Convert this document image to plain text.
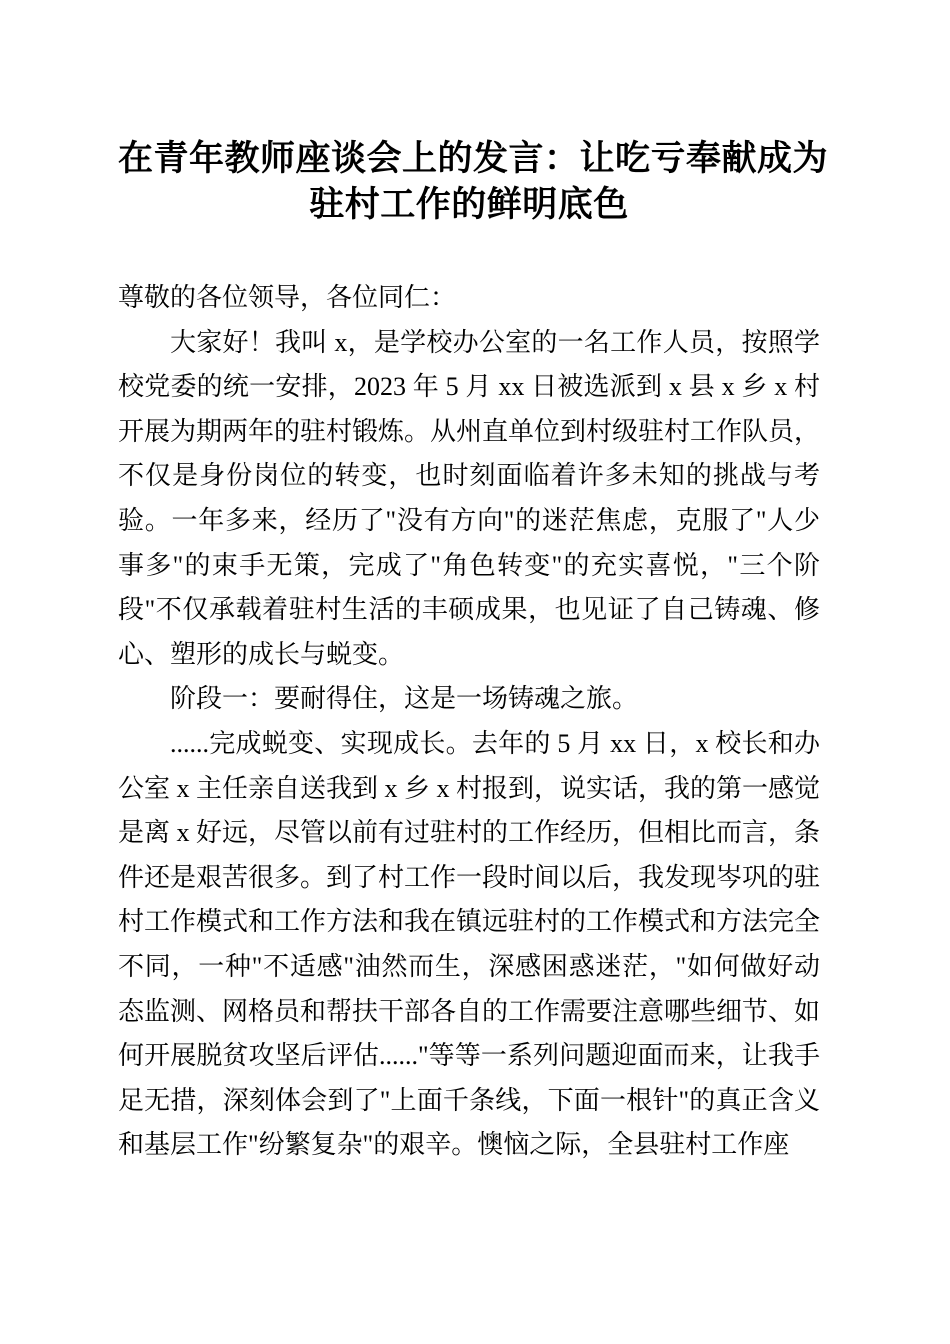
在青年教师座谈会上的发言：让吃亏奉献成为
驻村工作的鲜明底色

尊敬的各位领导，各位同仁：

大家好！我叫 x，是学校办公室的一名工作人员，按照学校党委的统一安排，2023 年 5 月 xx 日被选派到 x 县 x 乡 x 村开展为期两年的驻村锻炼。从州直单位到村级驻村工作队员，不仅是身份岗位的转变，也时刻面临着许多未知的挑战与考验。一年多来，经历了"没有方向"的迷茫焦虑，克服了"人少事多"的束手无策，完成了"角色转变"的充实喜悦，"三个阶段"不仅承载着驻村生活的丰硕成果，也见证了自己铸魂、修心、塑形的成长与蜕变。

阶段一：要耐得住，这是一场铸魂之旅。

......完成蜕变、实现成长。去年的 5 月 xx 日，x 校长和办公室 x 主任亲自送我到 x 乡 x 村报到，说实话，我的第一感觉是离 x 好远，尽管以前有过驻村的工作经历，但相比而言，条件还是艰苦很多。到了村工作一段时间以后，我发现岑巩的驻村工作模式和工作方法和我在镇远驻村的工作模式和方法完全不同，一种"不适感"油然而生，深感困惑迷茫，"如何做好动态监测、网格员和帮扶干部各自的工作需要注意哪些细节、如何开展脱贫攻坚后评估......"等等一系列问题迎面而来，让我手足无措，深刻体会到了"上面千条线，下面一根针"的真正含义和基层工作"纷繁复杂"的艰辛。懊恼之际，全县驻村工作座
